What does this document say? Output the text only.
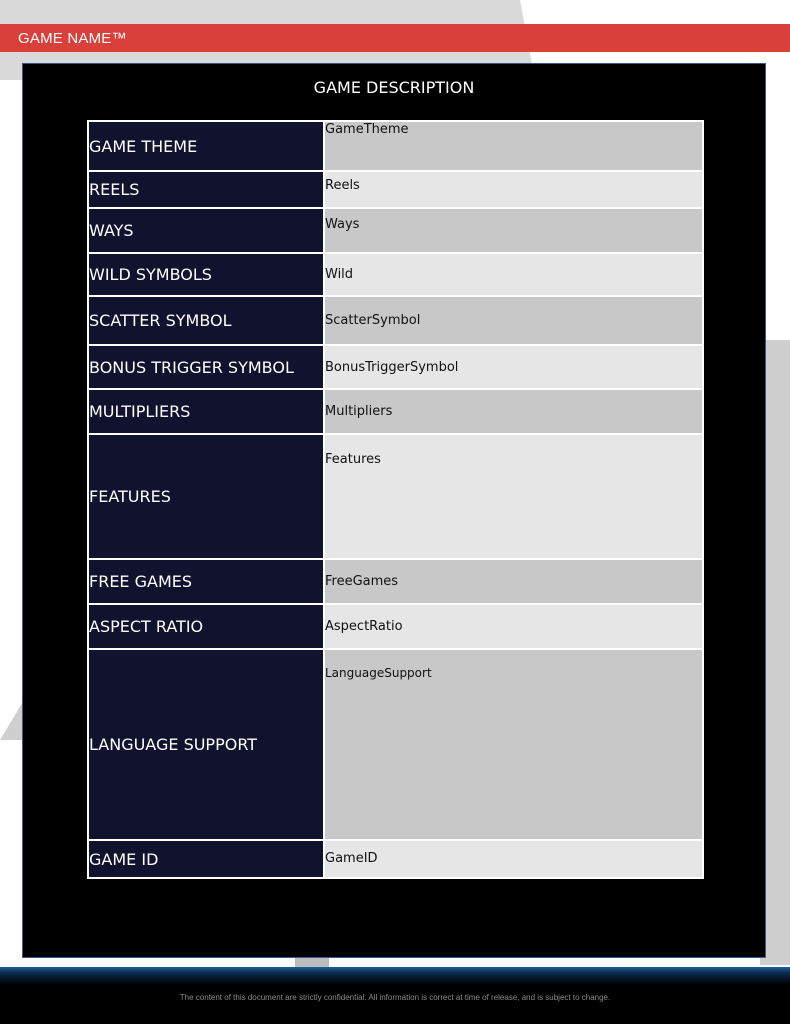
GAME NAME™
GAME DESCRIPTION
GAME THEME	GameTheme
REELS	Reels
WAYS	Ways
WILD SYMBOLS	Wild
SCATTER SYMBOL	ScatterSymbol
BONUS TRIGGER SYMBOL	BonusTriggerSymbol
MULTIPLIERS	Multipliers
FEATURES	Features
FREE GAMES	FreeGames
ASPECT RATIO	AspectRatio
LANGUAGE SUPPORT	LanguageSupport
GAME ID	GameID
The content of this document are strictly confidential. All information is correct at time of release, and is subject to change.
